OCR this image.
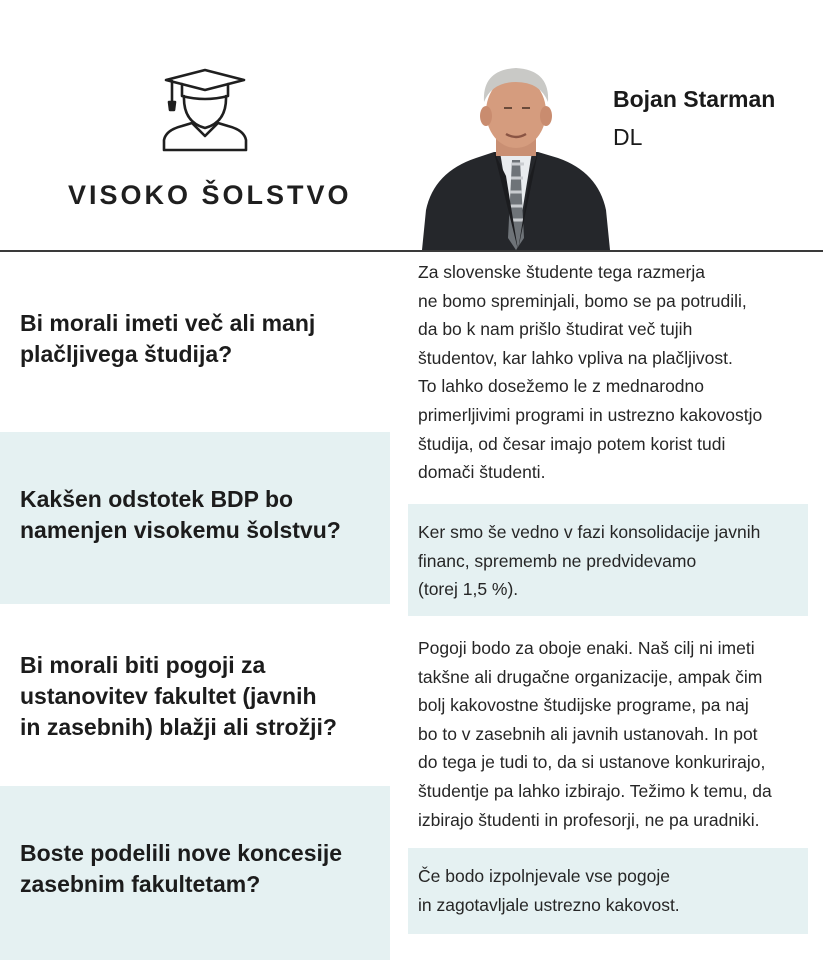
VISOKO ŠOLSTVO
Bojan Starman
DL
Bi morali imeti več ali manj
plačljivega študija?
Za slovenske študente tega razmerja
ne bomo spreminjali, bomo se pa potrudili,
da bo k nam prišlo študirat več tujih
študentov, kar lahko vpliva na plačljivost.
To lahko dosežemo le z mednarodno
primerljivimi programi in ustrezno kakovostjo
študija, od česar imajo potem korist tudi
domači študenti.
Kakšen odstotek BDP bo
namenjen visokemu šolstvu?	Ker smo še vedno v fazi konsolidacije javnih
financ, sprememb ne predvidevamo
(torej 1,5 %).
Bi morali biti pogoji za
ustanovitev fakultet (javnih
in zasebnih) blažji ali strožji?
Pogoji bodo za oboje enaki. Naš cilj ni imeti
takšne ali drugačne organizacije, ampak čim
bolj kakovostne študijske programe, pa naj
bo to v zasebnih ali javnih ustanovah. In pot
do tega je tudi to, da si ustanove konkurirajo,
študentje pa lahko izbirajo. Težimo k temu, da
izbirajo študenti in profesorji, ne pa uradniki.
Boste podelili nove koncesije
zasebnim fakultetam?	Če bodo izpolnjevale vse pogoje
in zagotavljale ustrezno kakovost.
